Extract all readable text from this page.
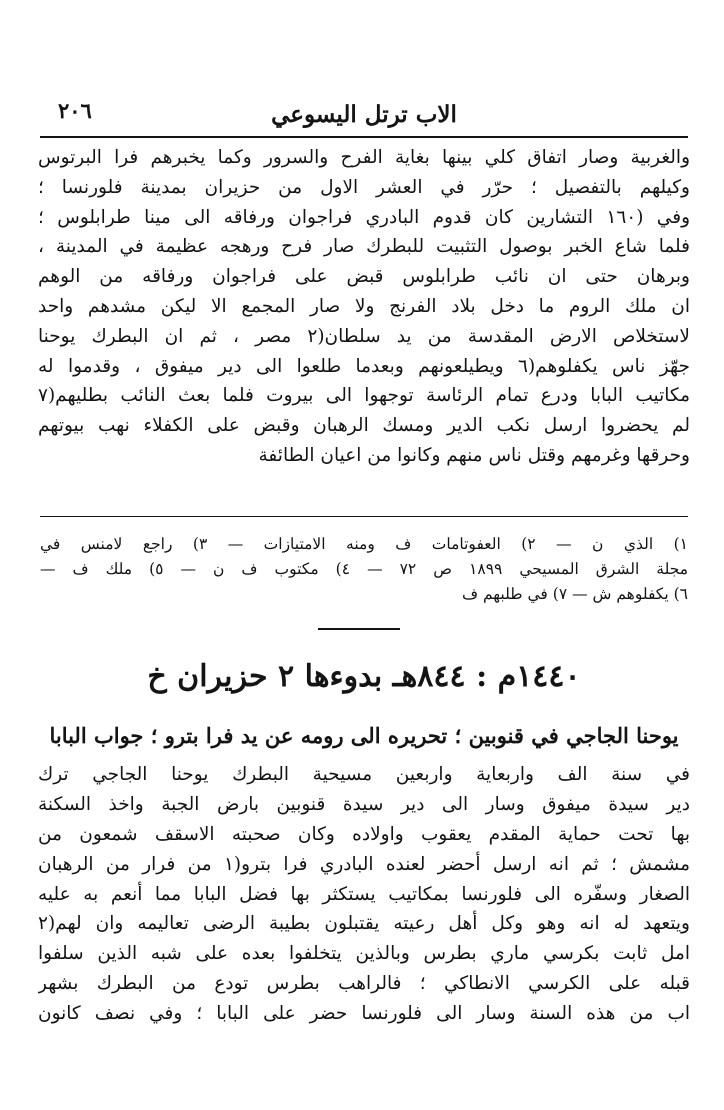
٢٠٦	الاب ترتل اليسوعي
والغربية وصار اتفاق كلي بينها بغاية الفرح والسرور وكما يخبرهم فرا البرتوس
وكيلهم بالتفصيل ؛ حرّر في العشر الاول من حزيران بمدينة فلورنسا ؛
وفي (١٦٠ التشارين كان قدوم البادري فراجوان ورفاقه الى مينا طرابلوس ؛
فلما شاع الخبر بوصول التثبيت للبطرك صار فرح ورهجه عظيمة في المدينة ،
وبرهان حتى ان نائب طرابلوس قبض على فراجوان ورفاقه من الوهم
ان ملك الروم ما دخل بلاد الفرنج ولا صار المجمع الا ليكن مشدهم واحد
لاستخلاص الارض المقدسة من يد سلطان(٢ مصر ، ثم ان البطرك يوحنا
جهّز ناس يكفلوهم(٦ ويطيلعونهم وبعدما طلعوا الى دير ميفوق ، وقدموا له
مكاتيب البابا ودرع تمام الرئاسة توجهوا الى بيروت فلما بعث النائب بطليهم(٧
لم يحضروا ارسل نكب الدير ومسك الرهبان وقبض على الكفلاء نهب بيوتهم
وحرقها وغرمهم وقتل ناس منهم وكانوا من اعيان الطائفة
١) الذي ن — ٢) العفوتامات ف ومنه الامتيازات — ٣) راجع لامنس في
مجلة الشرق المسيحي ١٨٩٩ ص ٧٢ — ٤) مكتوب ف ن — ٥) ملك ف —
٦) يكفلوهم ش — ٧) في طلبهم ف
١٤٤٠م : ٨٤٤هـ بدوءها ٢ حزيران خ
يوحنا الجاجي في قنوبين ؛ تحريره الى رومه عن يد فرا بترو ؛ جواب البابا
في سنة الف واربعاية واربعين مسيحية البطرك يوحنا الجاجي ترك
دير سيدة ميفوق وسار الى دير سيدة قنوبين بارض الجبة واخذ السكنة
بها تحت حماية المقدم يعقوب واولاده وكان صحبته الاسقف شمعون من
مشمش ؛ ثم انه ارسل أحضر لعنده البادري فرا بترو(١ من فرار من الرهبان
الصغار وسفّره الى فلورنسا بمكاتيب يستكثر بها فضل البابا مما أنعم به عليه
ويتعهد له انه وهو وكل أهل رعيته يقتبلون بطيبة الرضى تعاليمه وان لهم(٢
امل ثابت بكرسي ماري بطرس وبالذين يتخلفوا بعده على شبه الذين سلفوا
قبله على الكرسي الانطاكي ؛ فالراهب بطرس تودع من البطرك بشهر
اب من هذه السنة وسار الى فلورنسا حضر على البابا ؛ وفي نصف كانون
